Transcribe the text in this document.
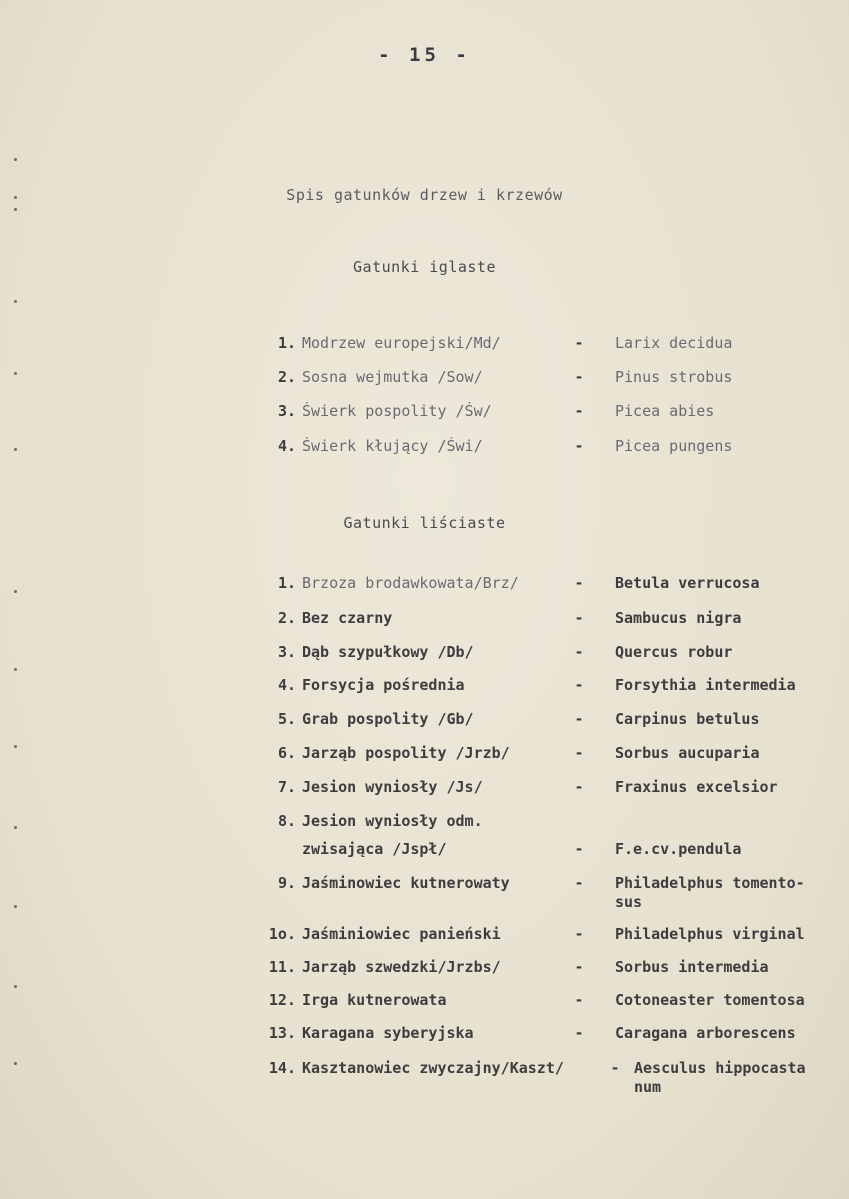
- 15 -
Spis gatunków drzew i krzewów
Gatunki iglaste
1. Modrzew europejski/Md/	- Larix decidua
2. Sosna wejmutka /Sow/	- Pinus strobus
3. Świerk pospolity /Św/	- Picea abies
4. Świerk kłujący /Świ/	- Picea pungens
Gatunki liściaste
1. Brzoza brodawkowata/Brz/	- Betula verrucosa
2. Bez czarny	- Sambucus nigra
3. Dąb szypułkowy /Db/	- Quercus robur
4. Forsycja pośrednia	- Forsythia intermedia
5. Grab pospolity /Gb/	- Carpinus betulus
6. Jarząb pospolity /Jrzb/	- Sorbus aucuparia
7. Jesion wyniosły /Js/	- Fraxinus excelsior
8. Jesion wyniosły odm.
zwisająca /Jspł/	- F.e.cv.pendula
9. Jaśminowiec kutnerowaty	- Philadelphus tomento-
sus
1o. Jaśminiowiec panieński	- Philadelphus virginal
11. Jarząb szwedzki/Jrzbs/	- Sorbus intermedia
12. Irga kutnerowata	- Cotoneaster tomentosa
13. Karagana syberyjska	- Caragana arborescens
14. Kasztanowiec zwyczajny/Kaszt/	- Aesculus hippocasta
num
